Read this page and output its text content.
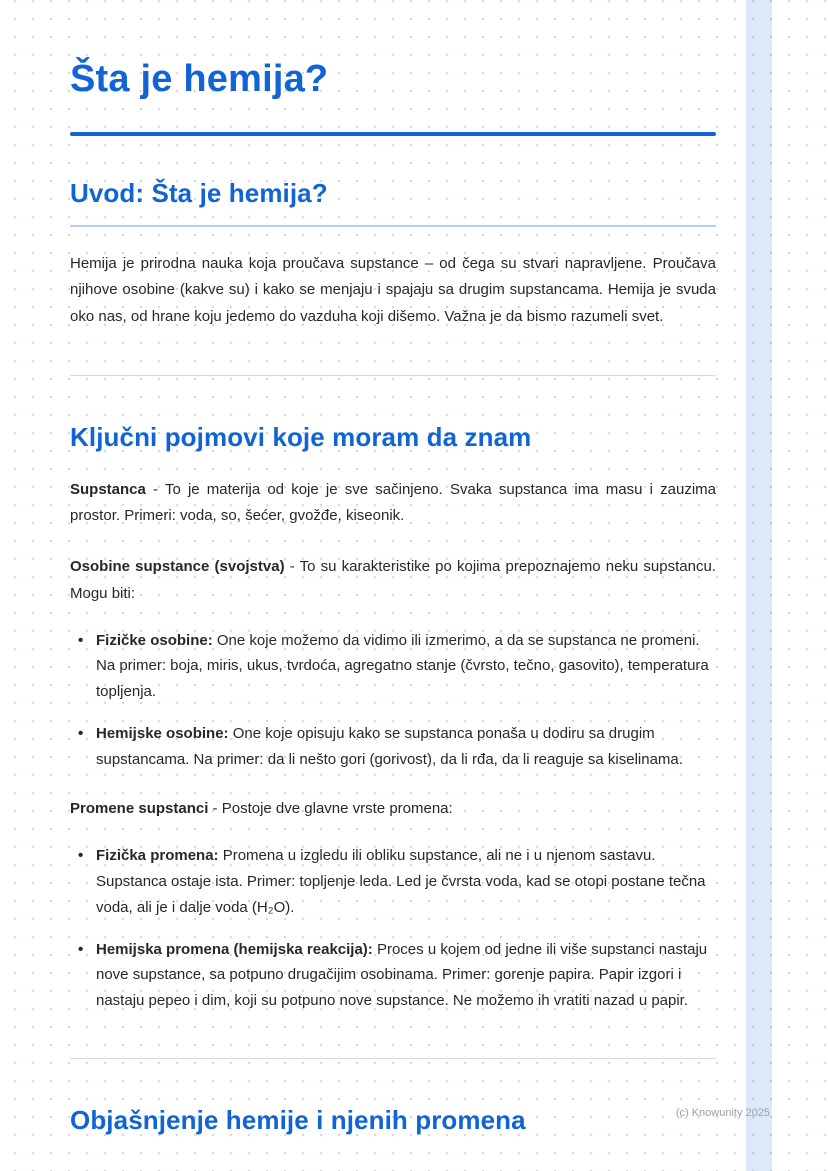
Šta je hemija?
Uvod: Šta je hemija?

Hemija je prirodna nauka koja proučava supstance – od čega su stvari napravljene. Proučava njihove osobine (kakve su) i kako se menjaju i spajaju sa drugim supstancama. Hemija je svuda oko nas, od hrane koju jedemo do vazduha koji dišemo. Važna je da bismo razumeli svet.

Ključni pojmovi koje moram da znam

Supstanca - To je materija od koje je sve sačinjeno. Svaka supstanca ima masu i zauzima prostor. Primeri: voda, so, šećer, gvožđe, kiseonik.

Osobine supstance (svojstva) - To su karakteristike po kojima prepoznajemo neku supstancu. Mogu biti:

• Fizičke osobine: One koje možemo da vidimo ili izmerimo, a da se supstanca ne promeni. Na primer: boja, miris, ukus, tvrdoća, agregatno stanje (čvrsto, tečno, gasovito), temperatura topljenja.
• Hemijske osobine: One koje opisuju kako se supstanca ponaša u dodiru sa drugim supstancama. Na primer: da li nešto gori (gorivost), da li rđa, da li reaguje sa kiselinama.

Promene supstanci - Postoje dve glavne vrste promena:

• Fizička promena: Promena u izgledu ili obliku supstance, ali ne i u njenom sastavu. Supstanca ostaje ista. Primer: topljenje leda. Led je čvrsta voda, kad se otopi postane tečna voda, ali je i dalje voda (H₂O).
• Hemijska promena (hemijska reakcija): Proces u kojem od jedne ili više supstanci nastaju nove supstance, sa potpuno drugačijim osobinama. Primer: gorenje papira. Papir izgori i nastaju pepeo i dim, koji su potpuno nove supstance. Ne možemo ih vratiti nazad u papir.
Objašnjenje hemije i njenih promena	(c) Knowunity 2025
